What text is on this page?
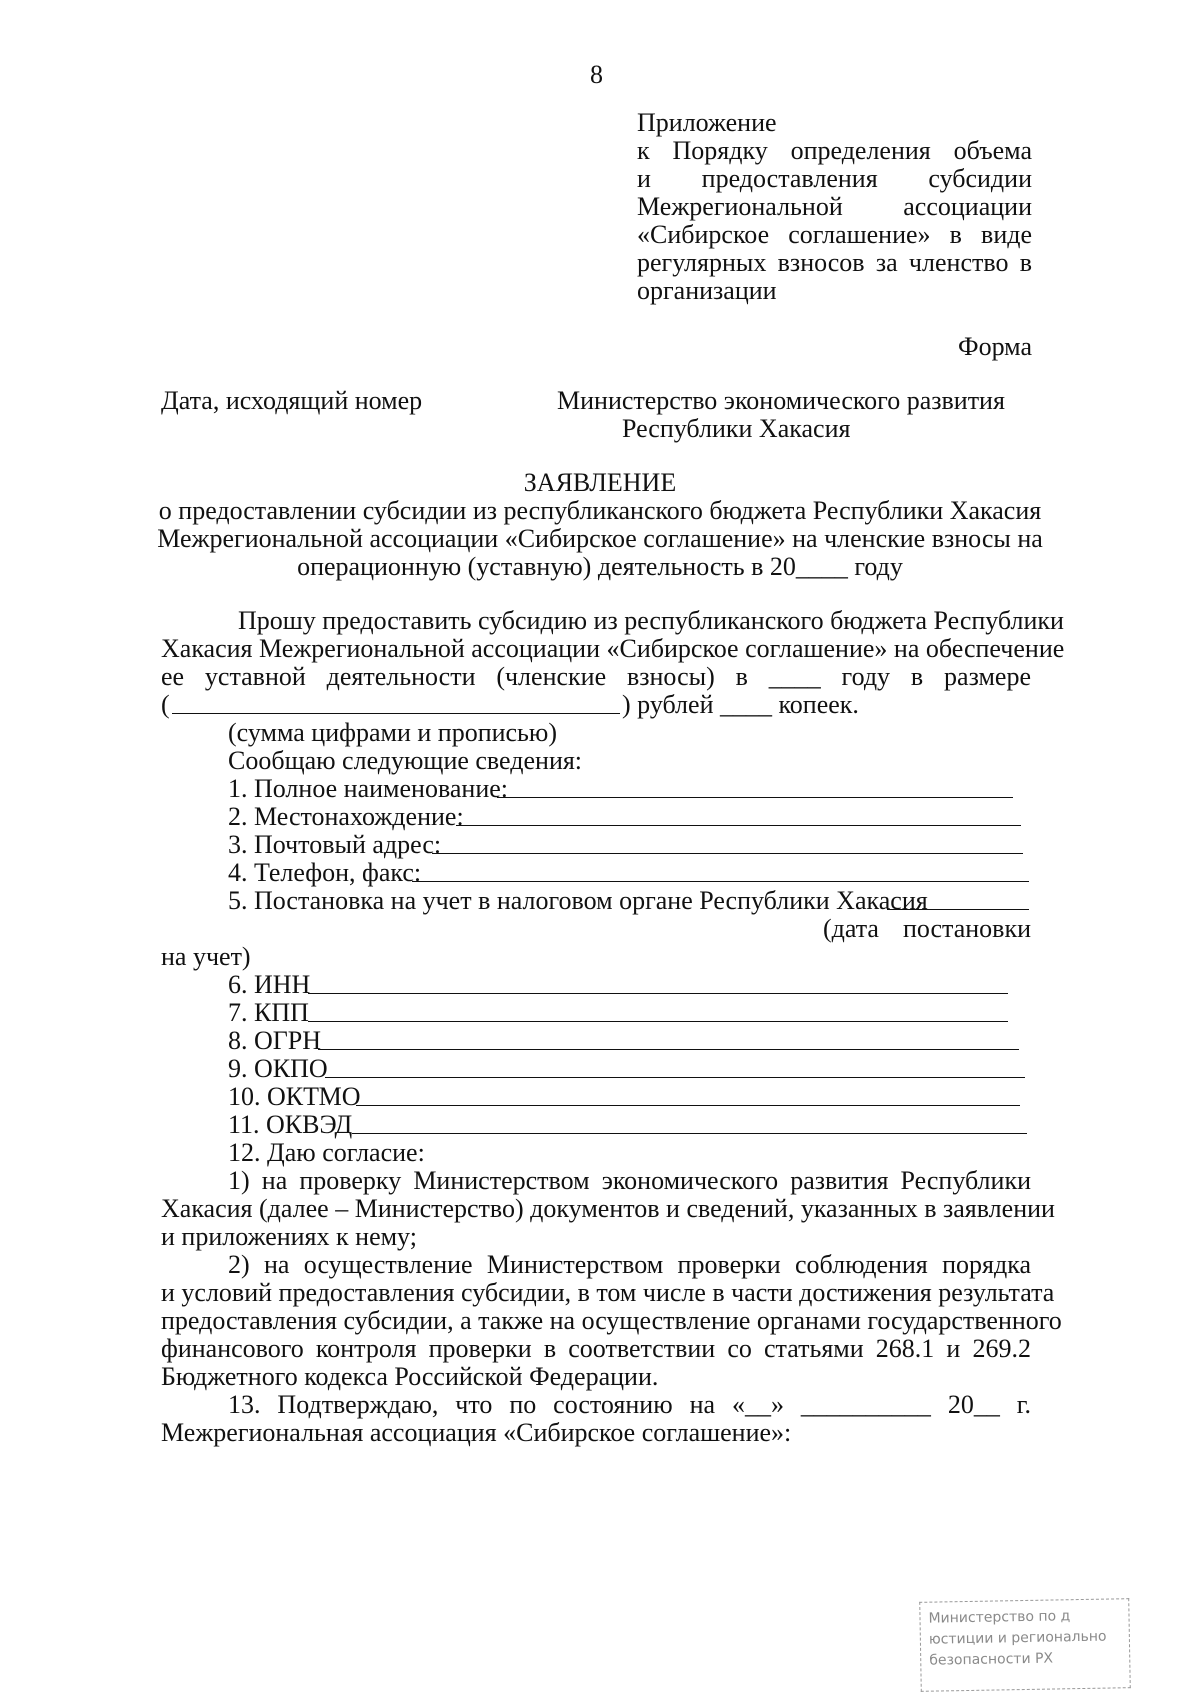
8
Приложение
к Порядку определения объема
и предоставления субсидии
Межрегиональной ассоциации
«Сибирское соглашение» в виде
регулярных взносов за членство в
организации
Форма
Дата, исходящий номер	Министерство экономического развития
Республики Хакасия
ЗАЯВЛЕНИЕ
о предоставлении субсидии из республиканского бюджета Республики Хакасия
Межрегиональной ассоциации «Сибирское соглашение» на членские взносы на
операционную (уставную) деятельность в 20____ году
Прошу предоставить субсидию из республиканского бюджета Республики
Хакасия Межрегиональной ассоциации «Сибирское соглашение» на обеспечение
ее уставной деятельности (членские взносы) в ____ году в размере
(	) рублей ____ копеек.
(сумма цифрами и прописью)
Сообщаю следующие сведения:
1. Полное наименование:
2. Местонахождение:
3. Почтовый адрес:
4. Телефон, факс:
5. Постановка на учет в налоговом органе Республики Хакасия
(дата постановки
на учет)
6. ИНН
7. КПП
8. ОГРН
9. ОКПО
10. ОКТМО
11. ОКВЭД
12. Даю согласие:
1) на проверку Министерством экономического развития Республики
Хакасия (далее – Министерство) документов и сведений, указанных в заявлении
и приложениях к нему;
2) на осуществление Министерством проверки соблюдения порядка
и условий предоставления субсидии, в том числе в части достижения результата
предоставления субсидии, а также на осуществление органами государственного
финансового контроля проверки в соответствии со статьями 268.1 и 269.2
Бюджетного кодекса Российской Федерации.
13. Подтверждаю, что по состоянию на «__» __________ 20__ г.
Межрегиональная ассоциация «Сибирское соглашение»:
Министерство по д
юстиции и регионально
безопасности РХ
